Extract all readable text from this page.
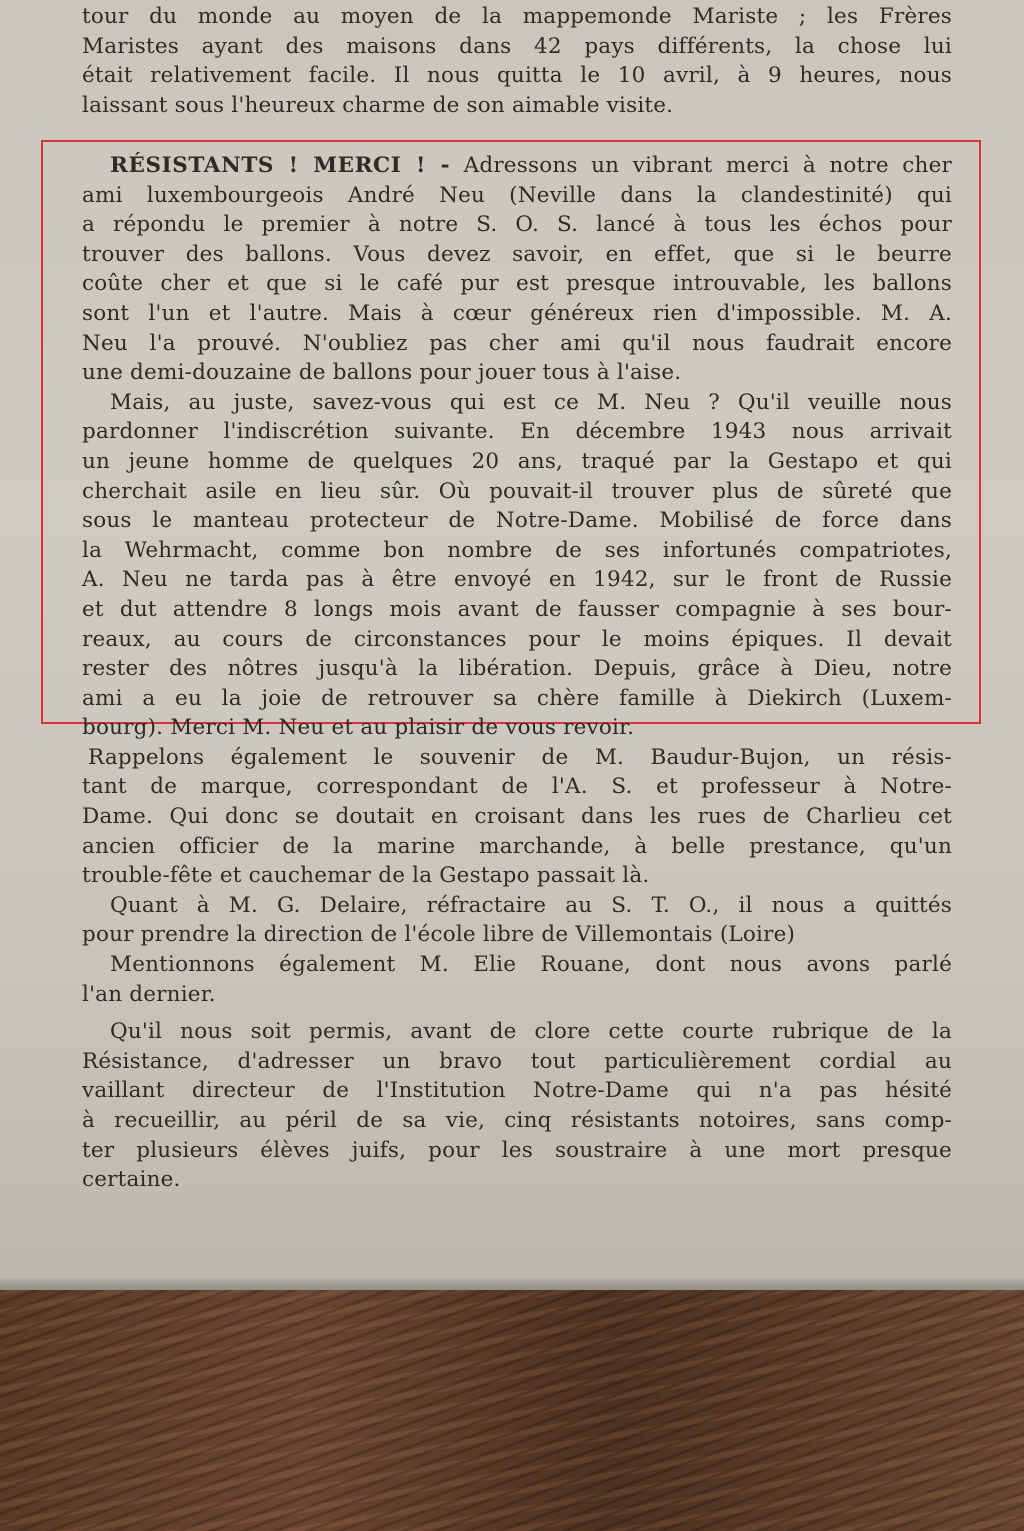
tour du monde au moyen de la mappemonde Mariste ; les Frères
Maristes ayant des maisons dans 42 pays différents, la chose lui
était relativement facile. Il nous quitta le 10 avril, à 9 heures, nous
laissant sous l'heureux charme de son aimable visite.
RÉSISTANTS ! MERCI ! - Adressons un vibrant merci à notre cher
ami luxembourgeois André Neu (Neville dans la clandestinité) qui
a répondu le premier à notre S. O. S. lancé à tous les échos pour
trouver des ballons. Vous devez savoir, en effet, que si le beurre
coûte cher et que si le café pur est presque introuvable, les ballons
sont l'un et l'autre. Mais à cœur généreux rien d'impossible. M. A.
Neu l'a prouvé. N'oubliez pas cher ami qu'il nous faudrait encore
une demi-douzaine de ballons pour jouer tous à l'aise.
Mais, au juste, savez-vous qui est ce M. Neu ? Qu'il veuille nous
pardonner l'indiscrétion suivante. En décembre 1943 nous arrivait
un jeune homme de quelques 20 ans, traqué par la Gestapo et qui
cherchait asile en lieu sûr. Où pouvait-il trouver plus de sûreté que
sous le manteau protecteur de Notre-Dame. Mobilisé de force dans
la Wehrmacht, comme bon nombre de ses infortunés compatriotes,
A. Neu ne tarda pas à être envoyé en 1942, sur le front de Russie
et dut attendre 8 longs mois avant de fausser compagnie à ses bour-
reaux, au cours de circonstances pour le moins épiques. Il devait
rester des nôtres jusqu'à la libération. Depuis, grâce à Dieu, notre
ami a eu la joie de retrouver sa chère famille à Diekirch (Luxem-
bourg). Merci M. Neu et au plaisir de vous revoir.
Rappelons également le souvenir de M. Baudur-Bujon, un résis-
tant de marque, correspondant de l'A. S. et professeur à Notre-
Dame. Qui donc se doutait en croisant dans les rues de Charlieu cet
ancien officier de la marine marchande, à belle prestance, qu'un
trouble-fête et cauchemar de la Gestapo passait là.
Quant à M. G. Delaire, réfractaire au S. T. O., il nous a quittés
pour prendre la direction de l'école libre de Villemontais (Loire)
Mentionnons également M. Elie Rouane, dont nous avons parlé
l'an dernier.
Qu'il nous soit permis, avant de clore cette courte rubrique de la
Résistance, d'adresser un bravo tout particulièrement cordial au
vaillant directeur de l'Institution Notre-Dame qui n'a pas hésité
à recueillir, au péril de sa vie, cinq résistants notoires, sans comp-
ter plusieurs élèves juifs, pour les soustraire à une mort presque
certaine.
